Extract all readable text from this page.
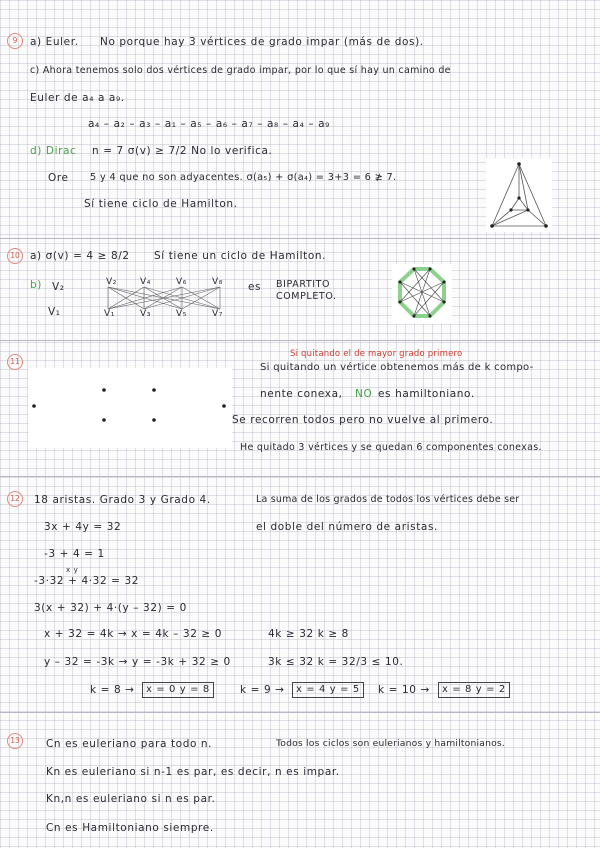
9	a) Euler. No porque hay 3 vértices de grado impar (más de dos).
c) Ahora tenemos solo dos vértices de grado impar, por lo que sí hay un camino de
Euler de a₄ a a₉.
a₄ – a₂ – a₃ – a₁ – a₅ – a₆ – a₇ – a₈ – a₄ – a₉
d) Dirac n = 7 σ(v) ≥ 7/2 No lo verifica.
Ore 5 y 4 que no son adyacentes. σ(a₅) + σ(a₄) = 3+3 = 6 ≱ 7.
Sí tiene ciclo de Hamilton.
10 a) σ(v) = 4 ≥ 8/2 Sí tiene un ciclo de Hamilton.
b) V₂
V₁
V₂	V₄	V₆	V₈
V₁	V₃	V₅	V₇
es BIPARTITO
COMPLETO.
11
Si quitando el de mayor grado primero
Si quitando un vértice obtenemos más de k compo-
nente conexa, NO es hamiltoniano.
Se recorren todos pero no vuelve al primero.
He quitado 3 vértices y se quedan 6 componentes conexas.
12	18 aristas. Grado 3 y Grado 4.	La suma de los grados de todos los vértices debe ser
el doble del número de aristas.
3x + 4y = 32
-3 + 4 = 1
x y
-3·32 + 4·32 = 32
3(x + 32) + 4·(y – 32) = 0
x + 32 = 4k → x = 4k – 32 ≥ 0	4k ≥ 32 k ≥ 8
y – 32 = -3k → y = -3k + 32 ≥ 0	3k ≤ 32 k = 32/3 ≤ 10.
k = 8 →	x = 0 y = 8	k = 9 →	x = 4 y = 5	k = 10 →	x = 8 y = 2
13	Cn es euleriano para todo n.	Todos los ciclos son eulerianos y hamiltonianos.
Kn es euleriano si n-1 es par, es decir, n es impar.
Kn,n es euleriano si n es par.
Cn es Hamiltoniano siempre.
